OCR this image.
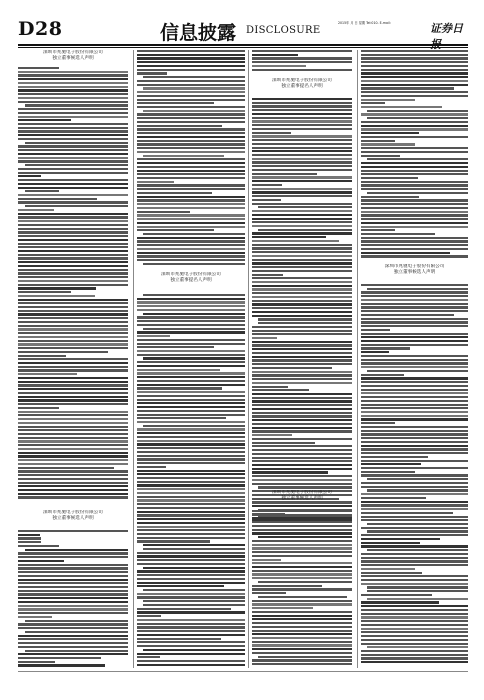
D28	信息披露 DISCLOSURE
2015年 月 日 星期 Tel:010- E-mail:	证券日
深圳市兆驰电子股份有限公司
独立董事候选人声明
深圳市兆驰电子股份有限公司
独立董事候选人声明
深圳市兆驰电子股份有限公司
独立董事提名人声明
深圳市兆驰电子股份有限公司
独立董事提名人声明
深圳市兆驰电子股份有限公司
独立董事候选人声明
深圳市兆驰电子股份有限公司
独立董事候选人声明
